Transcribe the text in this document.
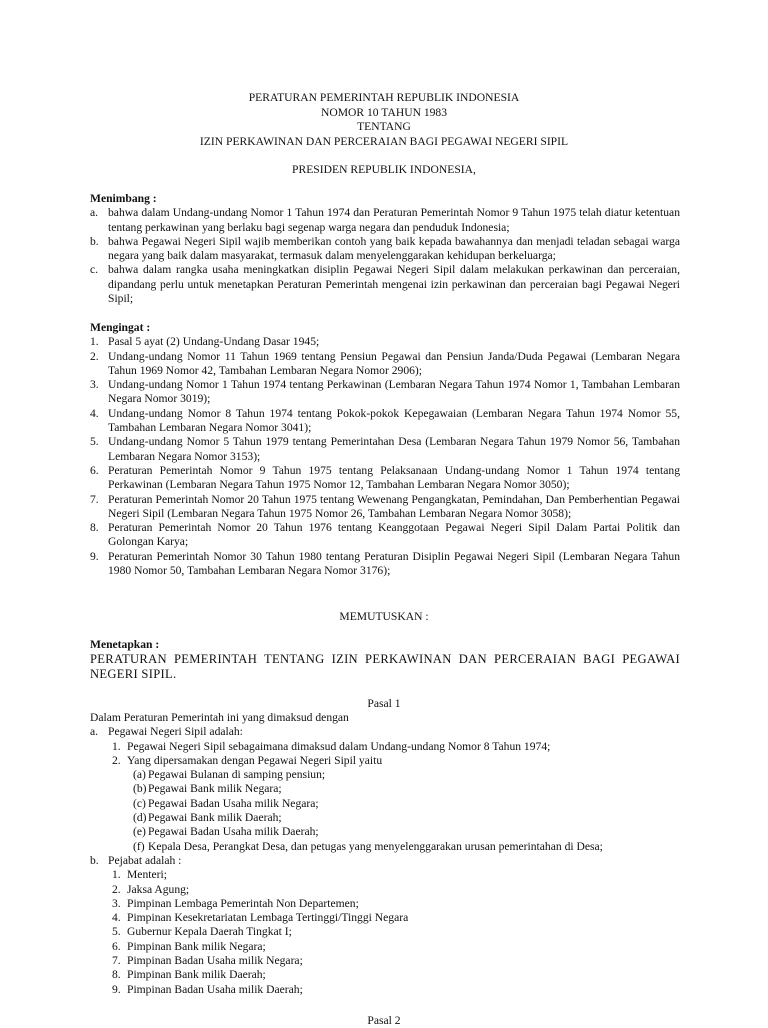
PERATURAN PEMERINTAH REPUBLIK INDONESIA
NOMOR 10 TAHUN 1983
TENTANG
IZIN PERKAWINAN DAN PERCERAIAN BAGI PEGAWAI NEGERI SIPIL
PRESIDEN REPUBLIK INDONESIA,
Menimbang :
a. bahwa dalam Undang-undang Nomor 1 Tahun 1974 dan Peraturan Pemerintah Nomor 9 Tahun 1975 telah diatur ketentuan tentang perkawinan yang berlaku bagi segenap warga negara dan penduduk Indonesia;
b. bahwa Pegawai Negeri Sipil wajib memberikan contoh yang baik kepada bawahannya dan menjadi teladan sebagai warga negara yang baik dalam masyarakat, termasuk dalam menyelenggarakan kehidupan berkeluarga;
c. bahwa dalam rangka usaha meningkatkan disiplin Pegawai Negeri Sipil dalam melakukan perkawinan dan perceraian, dipandang perlu untuk menetapkan Peraturan Pemerintah mengenai izin perkawinan dan perceraian bagi Pegawai Negeri Sipil;
Mengingat :
1. Pasal 5 ayat (2) Undang-Undang Dasar 1945;
2. Undang-undang Nomor 11 Tahun 1969 tentang Pensiun Pegawai dan Pensiun Janda/Duda Pegawai (Lembaran Negara Tahun 1969 Nomor 42, Tambahan Lembaran Negara Nomor 2906);
3. Undang-undang Nomor 1 Tahun 1974 tentang Perkawinan (Lembaran Negara Tahun 1974 Nomor 1, Tambahan Lembaran Negara Nomor 3019);
4. Undang-undang Nomor 8 Tahun 1974 tentang Pokok-pokok Kepegawaian (Lembaran Negara Tahun 1974 Nomor 55, Tambahan Lembaran Negara Nomor 3041);
5. Undang-undang Nomor 5 Tahun 1979 tentang Pemerintahan Desa (Lembaran Negara Tahun 1979 Nomor 56, Tambahan Lembaran Negara Nomor 3153);
6. Peraturan Pemerintah Nomor 9 Tahun 1975 tentang Pelaksanaan Undang-undang Nomor 1 Tahun 1974 tentang Perkawinan (Lembaran Negara Tahun 1975 Nomor 12, Tambahan Lembaran Negara Nomor 3050);
7. Peraturan Pemerintah Nomor 20 Tahun 1975 tentang Wewenang Pengangkatan, Pemindahan, Dan Pemberhentian Pegawai Negeri Sipil (Lembaran Negara Tahun 1975 Nomor 26, Tambahan Lembaran Negara Nomor 3058);
8. Peraturan Pemerintah Nomor 20 Tahun 1976 tentang Keanggotaan Pegawai Negeri Sipil Dalam Partai Politik dan Golongan Karya;
9. Peraturan Pemerintah Nomor 30 Tahun 1980 tentang Peraturan Disiplin Pegawai Negeri Sipil (Lembaran Negara Tahun 1980 Nomor 50, Tambahan Lembaran Negara Nomor 3176);
MEMUTUSKAN :
Menetapkan :
PERATURAN PEMERINTAH TENTANG IZIN PERKAWINAN DAN PERCERAIAN BAGI PEGAWAI NEGERI SIPIL.
Pasal 1
Dalam Peraturan Pemerintah ini yang dimaksud dengan
a. Pegawai Negeri Sipil adalah:
1. Pegawai Negeri Sipil sebagaimana dimaksud dalam Undang-undang Nomor 8 Tahun 1974;
2. Yang dipersamakan dengan Pegawai Negeri Sipil yaitu
(a) Pegawai Bulanan di samping pensiun;
(b) Pegawai Bank milik Negara;
(c) Pegawai Badan Usaha milik Negara;
(d) Pegawai Bank milik Daerah;
(e) Pegawai Badan Usaha milik Daerah;
(f) Kepala Desa, Perangkat Desa, dan petugas yang menyelenggarakan urusan pemerintahan di Desa;
b. Pejabat adalah :
1. Menteri;
2. Jaksa Agung;
3. Pimpinan Lembaga Pemerintah Non Departemen;
4. Pimpinan Kesekretariatan Lembaga Tertinggi/Tinggi Negara
5. Gubernur Kepala Daerah Tingkat I;
6. Pimpinan Bank milik Negara;
7. Pimpinan Badan Usaha milik Negara;
8. Pimpinan Bank milik Daerah;
9. Pimpinan Badan Usaha milik Daerah;
Pasal 2
